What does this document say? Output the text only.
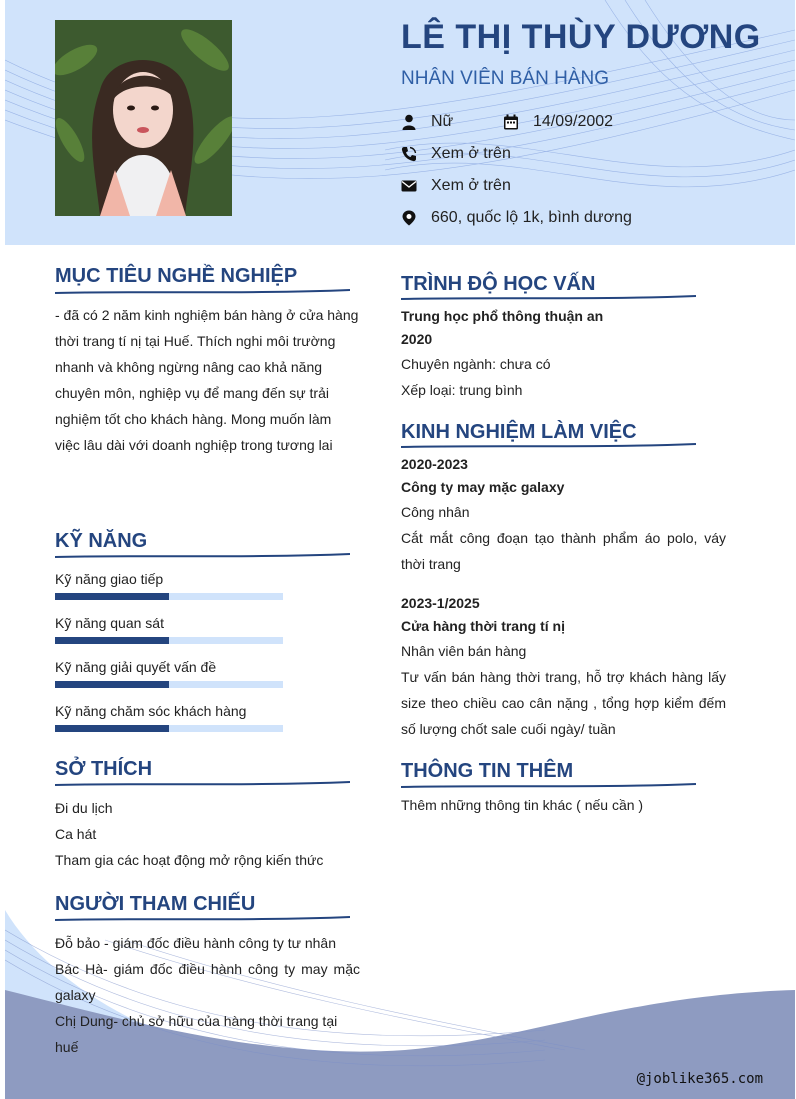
LÊ THỊ THÙY DƯƠNG
NHÂN VIÊN BÁN HÀNG
Nữ	14/09/2002
Xem ở trên
Xem ở trên
660, quốc lộ 1k, bình dương
MỤC TIÊU NGHỀ NGHIỆP
- đã có 2 năm kinh nghiệm bán hàng ở cửa hàng thời trang tí nị tại Huế. Thích nghi môi trường nhanh và không ngừng nâng cao khả năng chuyên môn, nghiệp vụ để mang đến sự trải nghiệm tốt cho khách hàng. Mong muốn làm việc lâu dài với doanh nghiệp trong tương lai
KỸ NĂNG
Kỹ năng giao tiếp
Kỹ năng quan sát
Kỹ năng giải quyết vấn đề
Kỹ năng chăm sóc khách hàng
SỞ THÍCH
Đi du lịch
Ca hát
Tham gia các hoạt động mở rộng kiến thức
NGƯỜI THAM CHIẾU
Đỗ bảo - giám đốc điều hành công ty tư nhân
Bác Hà- giám đốc điều hành công ty may mặc galaxy
Chị Dung- chủ sở hữu của hàng thời trang tại huế
TRÌNH ĐỘ HỌC VẤN
Trung học phổ thông thuận an
2020
Chuyên ngành: chưa có
Xếp loại: trung bình
KINH NGHIỆM LÀM VIỆC
2020-2023
Công ty may mặc galaxy
Công nhân
Cắt mắt công đoạn tạo thành phẩm áo polo, váy thời trang
2023-1/2025
Cửa hàng thời trang tí nị
Nhân viên bán hàng
Tư vấn bán hàng thời trang, hỗ trợ khách hàng lấy size theo chiều cao cân nặng , tổng hợp kiểm đếm số lượng chốt sale cuối ngày/ tuần
THÔNG TIN THÊM
Thêm những thông tin khác ( nếu cần )
@joblike365.com
